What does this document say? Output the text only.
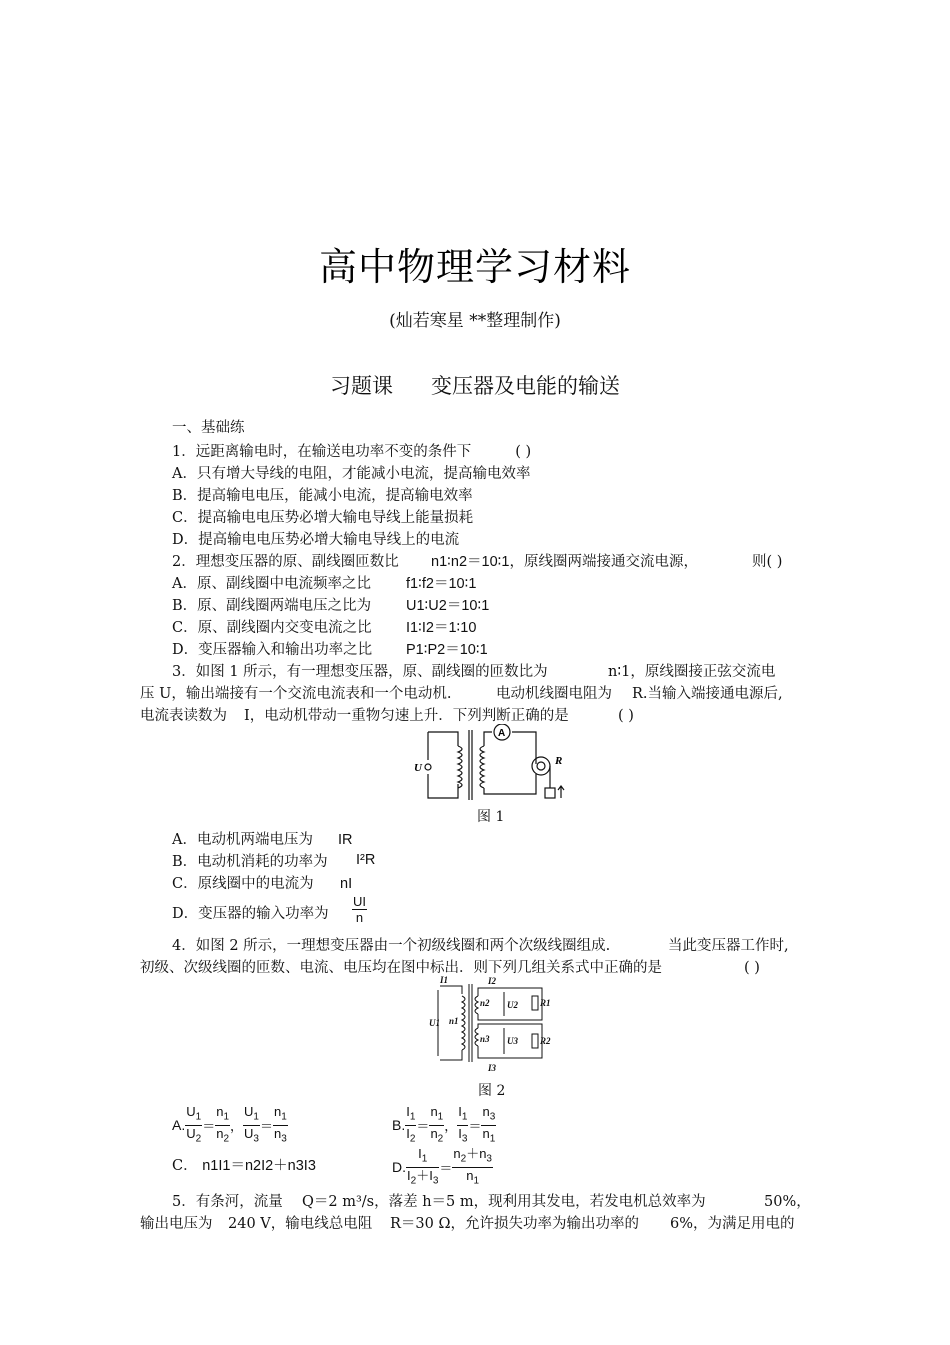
高中物理学习材料
(灿若寒星 **整理制作)
习题课 变压器及电能的输送
一、基础练
1．远距离输电时，在输送电功率不变的条件下	( )
A．只有增大导线的电阻，才能减小电流，提高输电效率
B．提高输电电压，能减小电流，提高输电效率
C．提高输电电压势必增大输电导线上能量损耗
D．提高输电电压势必增大输电导线上的电流
2．理想变压器的原、副线圈匝数比 n1∶n2＝10∶1，原线圈两端接通交流电源，	则( )
A．原、副线圈中电流频率之比 f1∶f2＝10∶1
B．原、副线圈两端电压之比为 U1∶U2＝10∶1
C．原、副线圈内交变电流之比 I1∶I2＝1∶10
D．变压器输入和输出功率之比 P1∶P2＝10∶1
3．如图 1 所示，有一理想变压器，原、副线圈的匝数比为	n∶1，原线圈接正弦交流电
压 U，输出端接有一个交流电流表和一个电动机.	电动机线圈电阻为 R.当输入端接通电源后,
电流表读数为 I，电动机带动一重物匀速上升．下列判断正确的是	( )
U
A
R
图 1
A．电动机两端电压为 IR
B．电动机消耗的功率为 I²R
C．原线圈中的电流为 nI
D．变压器的输入功率为 $\frac{UI}{n}$
4．如图 2 所示，一理想变压器由一个初级线圈和两个次级线圈组成.	当此变压器工作时,
初级、次级线圈的匝数、电流、电压均在图中标出．则下列几组关系式中正确的是	( )
I1	I2
I3
U1 n1
n2 U2 R1
n3 U3 R2
图 2
A. $\frac{U_1}{U_2} = \frac{n_1}{n_2}$ ， $\frac{U_1}{U_3} = \frac{n_1}{n_3}$	B. $\frac{I_1}{I_2} = \frac{n_1}{n_2}$ ， $\frac{I_1}{I_3} = \frac{n_3}{n_1}$
C． n1I1＝n2I2＋n3I3	D. $\frac{I_1}{I_2+I_3} = \frac{n_2+n_3}{n_1}$
5．有条河，流量 Q＝2 m³/s，落差 h＝5 m，现利用其发电，若发电机总效率为	50%，
输出电压为 240 V，输电线总电阻 R＝30 Ω，允许损失功率为输出功率的 6%，为满足用电的
